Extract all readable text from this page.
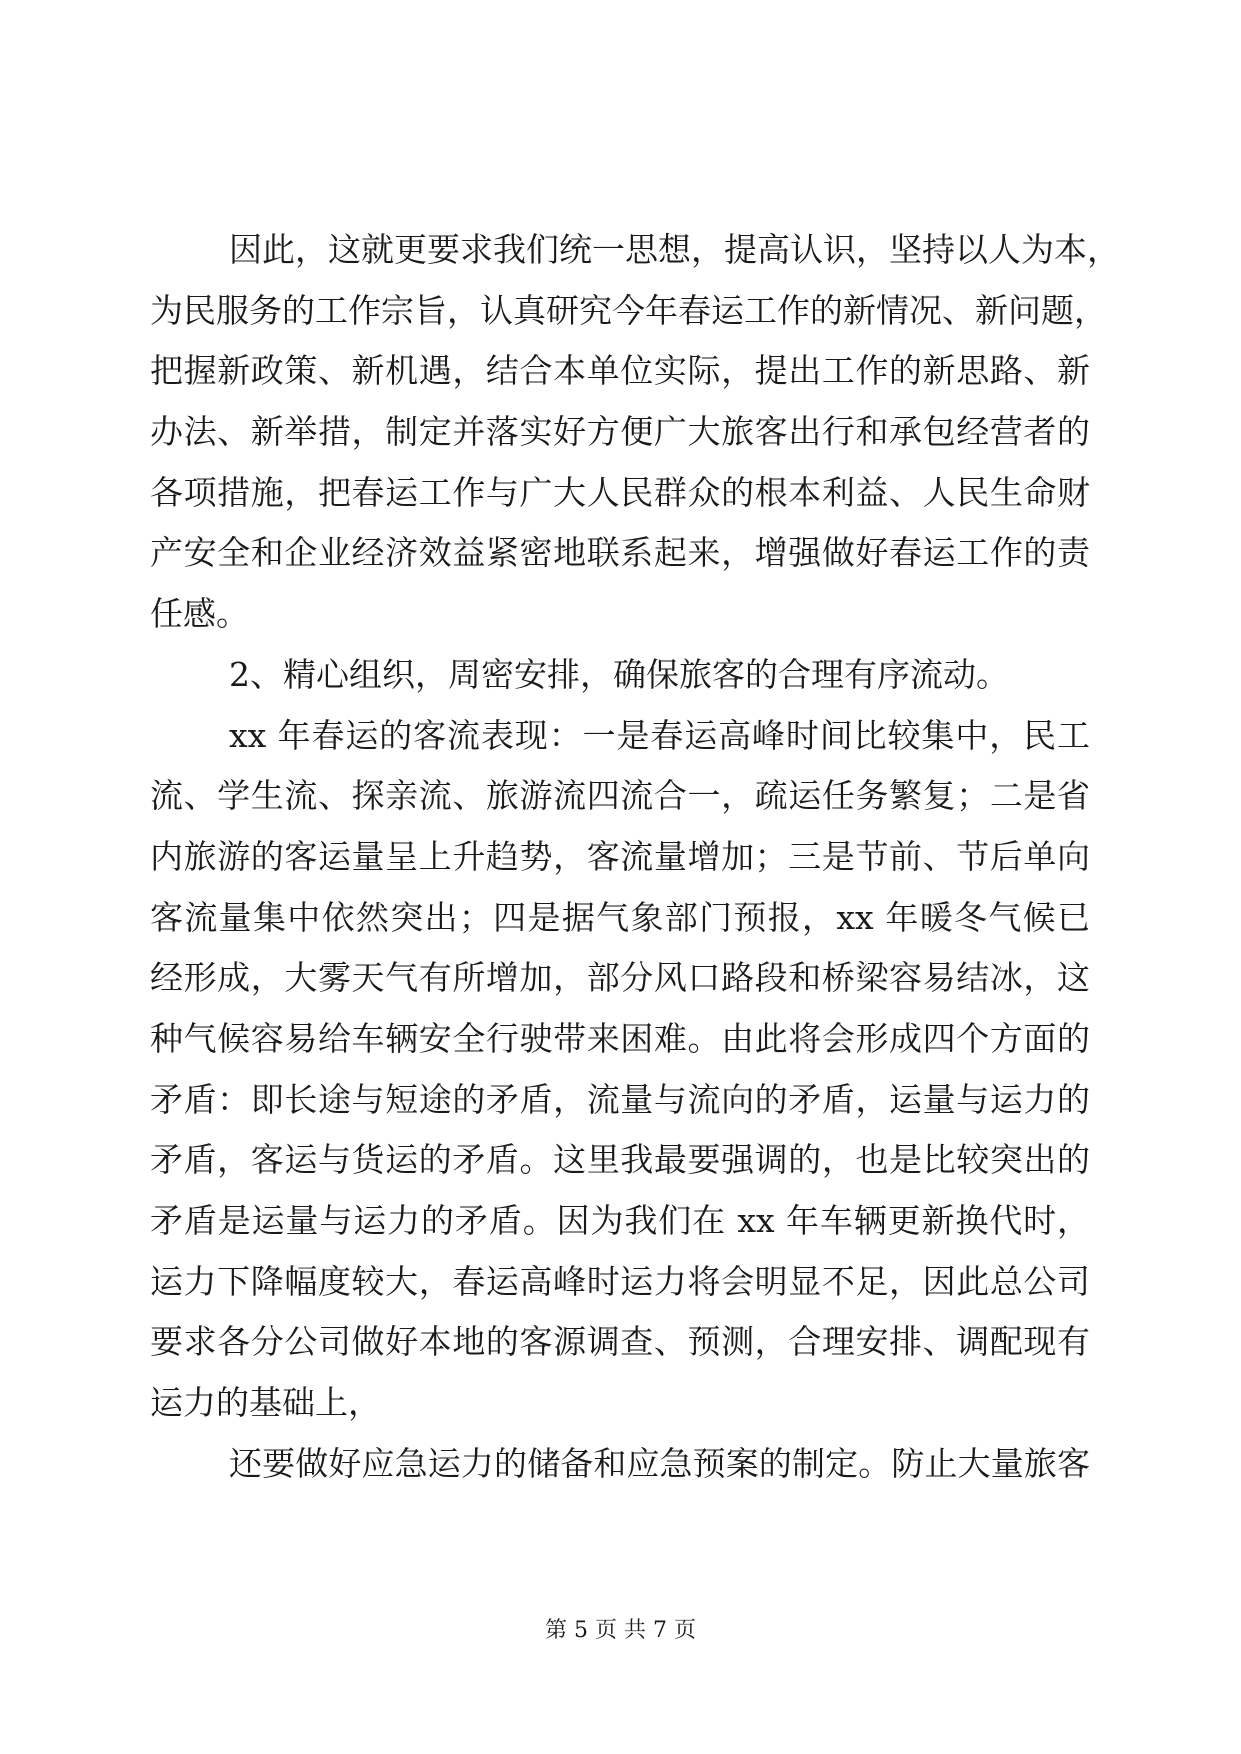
因此，这就更要求我们统一思想，提高认识，坚持以人为本，
为民服务的工作宗旨，认真研究今年春运工作的新情况、新问题，
把握新政策、新机遇，结合本单位实际，提出工作的新思路、新
办法、新举措，制定并落实好方便广大旅客出行和承包经营者的
各项措施，把春运工作与广大人民群众的根本利益、人民生命财
产安全和企业经济效益紧密地联系起来，增强做好春运工作的责
任感。
2、精心组织，周密安排，确保旅客的合理有序流动。
xx 年春运的客流表现：一是春运高峰时间比较集中，民工
流、学生流、探亲流、旅游流四流合一，疏运任务繁复；二是省
内旅游的客运量呈上升趋势，客流量增加；三是节前、节后单向
客流量集中依然突出；四是据气象部门预报，xx 年暖冬气候已
经形成，大雾天气有所增加，部分风口路段和桥梁容易结冰，这
种气候容易给车辆安全行驶带来困难。由此将会形成四个方面的
矛盾：即长途与短途的矛盾，流量与流向的矛盾，运量与运力的
矛盾，客运与货运的矛盾。这里我最要强调的，也是比较突出的
矛盾是运量与运力的矛盾。因为我们在 xx 年车辆更新换代时，
运力下降幅度较大，春运高峰时运力将会明显不足，因此总公司
要求各分公司做好本地的客源调查、预测，合理安排、调配现有
运力的基础上，
还要做好应急运力的储备和应急预案的制定。防止大量旅客
第 5 页 共 7 页
